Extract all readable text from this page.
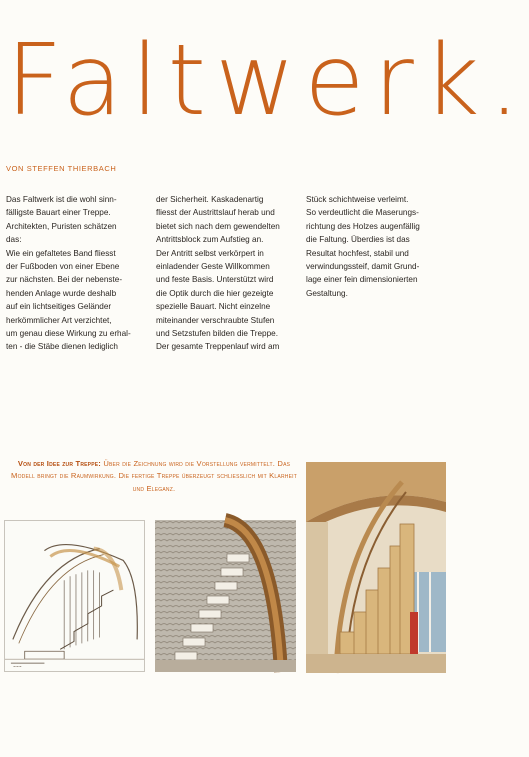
Faltwerk.
VON STEFFEN THIERBACH

Das Faltwerk ist die wohl sinn-

fälligste Bauart einer Treppe.

Architekten, Puristen schätzen

das:

Wie ein gefaltetes Band fliesst

der Fußboden von einer Ebene

zur nächsten. Bei der nebenste-

henden Anlage wurde deshalb

auf ein lichtseitiges Geländer

herkömmlicher Art verzichtet,

um genau diese Wirkung zu erhal-

ten - die Stäbe dienen lediglich

der Sicherheit. Kaskadenartig

fliesst der Austrittslauf herab und

bietet sich nach dem gewendelten

Antrittsblock zum Aufstieg an.

Der Antritt selbst verkörpert in

einladender Geste Willkommen

und feste Basis. Unterstützt wird

die Optik durch die hier gezeigte

spezielle Bauart. Nicht einzelne

miteinander verschraubte Stufen

und Setzstufen bilden die Treppe.

Der gesamte Treppenlauf wird am

Stück schichtweise verleimt.

So verdeutlicht die Maserungs-

richtung des Holzes augenfällig

die Faltung. Überdies ist das

Resultat hochfest, stabil und

verwindungssteif, damit Grund-

lage einer fein dimensionierten

Gestaltung.

Von der Idee zur Treppe: Über die Zeichnung wird die Vorstellung vermittelt. Das Modell bringt die Raumwirkung. Die fertige Treppe überzeugt schliesslich mit Klarheit und Eleganz.
~~~
